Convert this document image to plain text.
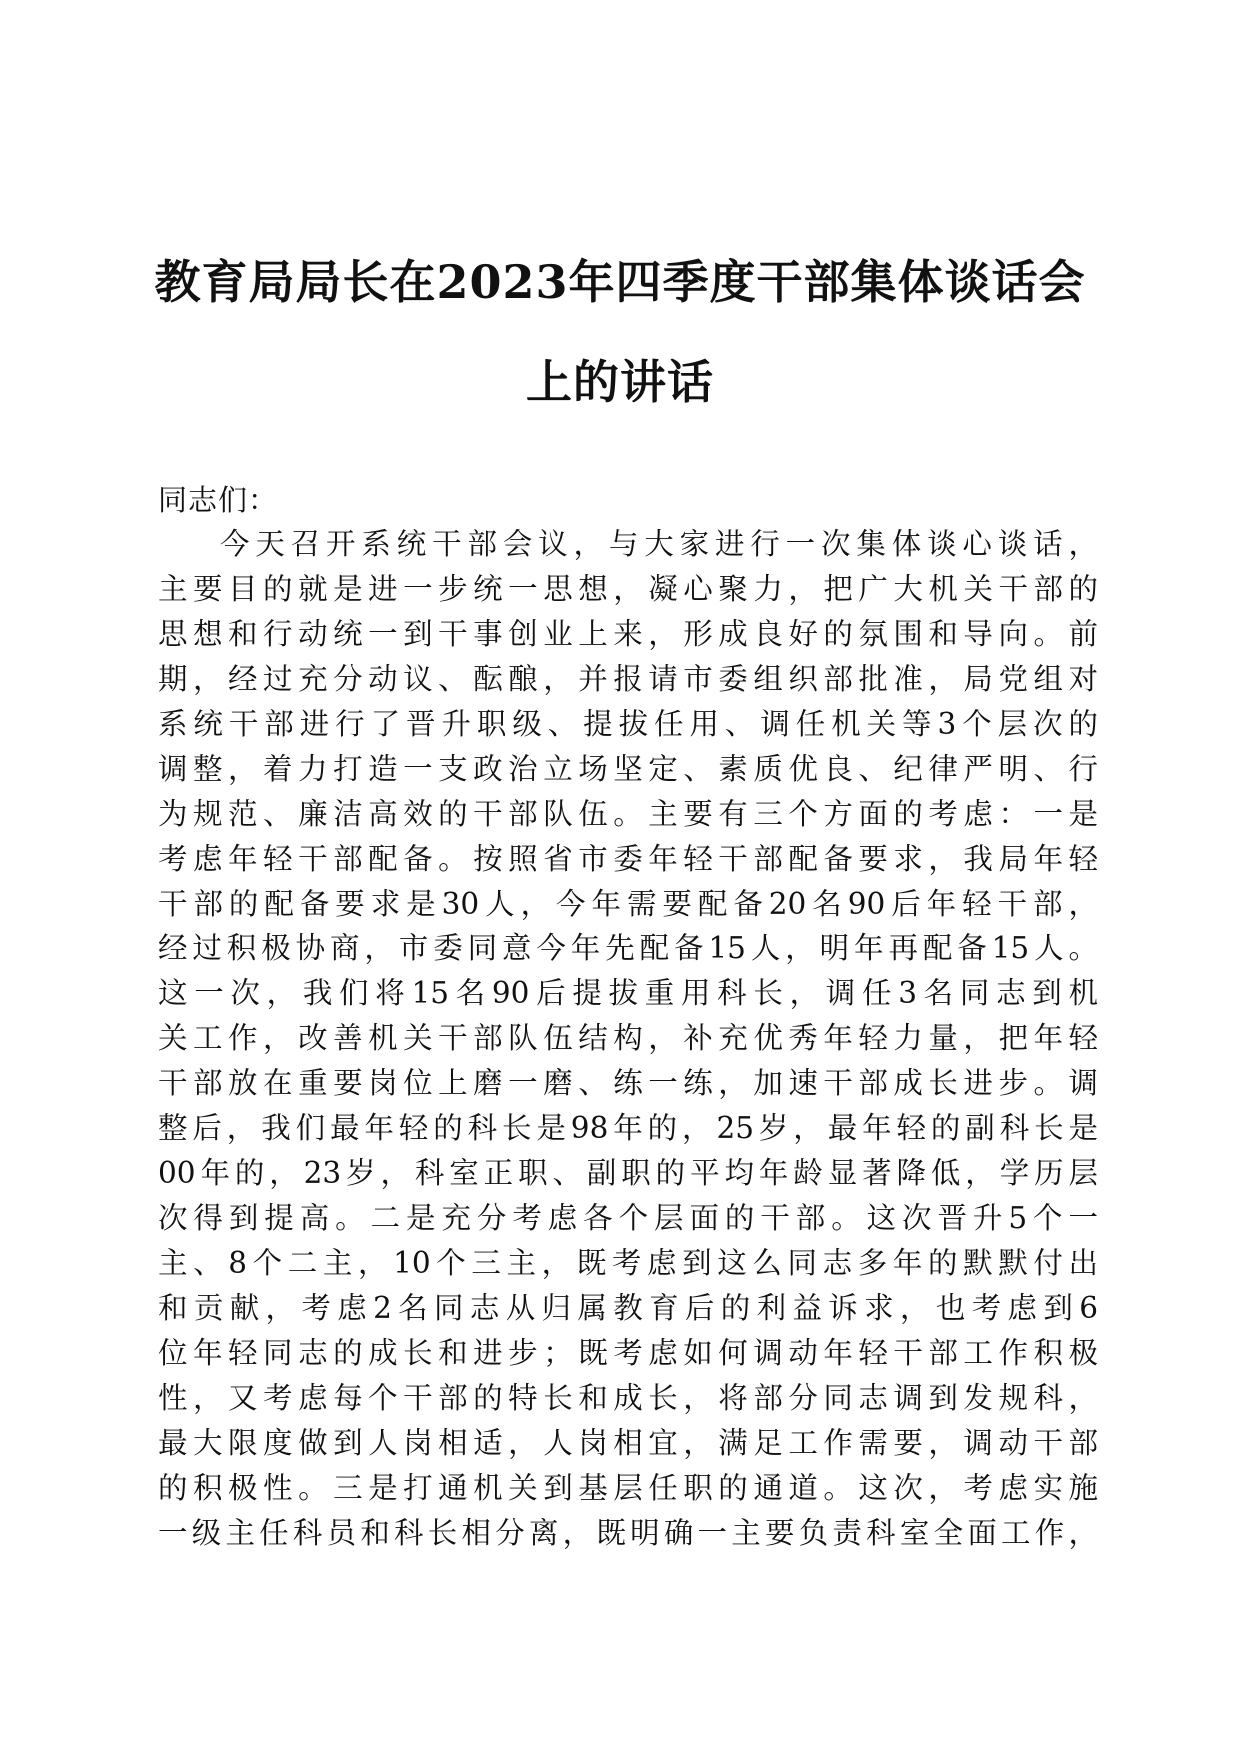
教育局局长在2023年四季度干部集体谈话会
上的讲话
同志们：
今天召开系统干部会议，与大家进行一次集体谈心谈话，
主要目的就是进一步统一思想，凝心聚力，把广大机关干部的
思想和行动统一到干事创业上来，形成良好的氛围和导向。前
期，经过充分动议、酝酿，并报请市委组织部批准，局党组对
系统干部进行了晋升职级、提拔任用、调任机关等3个层次的
调整，着力打造一支政治立场坚定、素质优良、纪律严明、行
为规范、廉洁高效的干部队伍。主要有三个方面的考虑：一是
考虑年轻干部配备。按照省市委年轻干部配备要求，我局年轻
干部的配备要求是30人，今年需要配备20名90后年轻干部，
经过积极协商，市委同意今年先配备15人，明年再配备15人。
这一次，我们将15名90后提拔重用科长，调任3名同志到机
关工作，改善机关干部队伍结构，补充优秀年轻力量，把年轻
干部放在重要岗位上磨一磨、练一练，加速干部成长进步。调
整后，我们最年轻的科长是98年的，25岁，最年轻的副科长是
00年的，23岁，科室正职、副职的平均年龄显著降低，学历层
次得到提高。二是充分考虑各个层面的干部。这次晋升5个一
主、8个二主，10个三主，既考虑到这么同志多年的默默付出
和贡献，考虑2名同志从归属教育后的利益诉求，也考虑到6
位年轻同志的成长和进步；既考虑如何调动年轻干部工作积极
性，又考虑每个干部的特长和成长，将部分同志调到发规科，
最大限度做到人岗相适，人岗相宜，满足工作需要，调动干部
的积极性。三是打通机关到基层任职的通道。这次，考虑实施
一级主任科员和科长相分离，既明确一主要负责科室全面工作，
